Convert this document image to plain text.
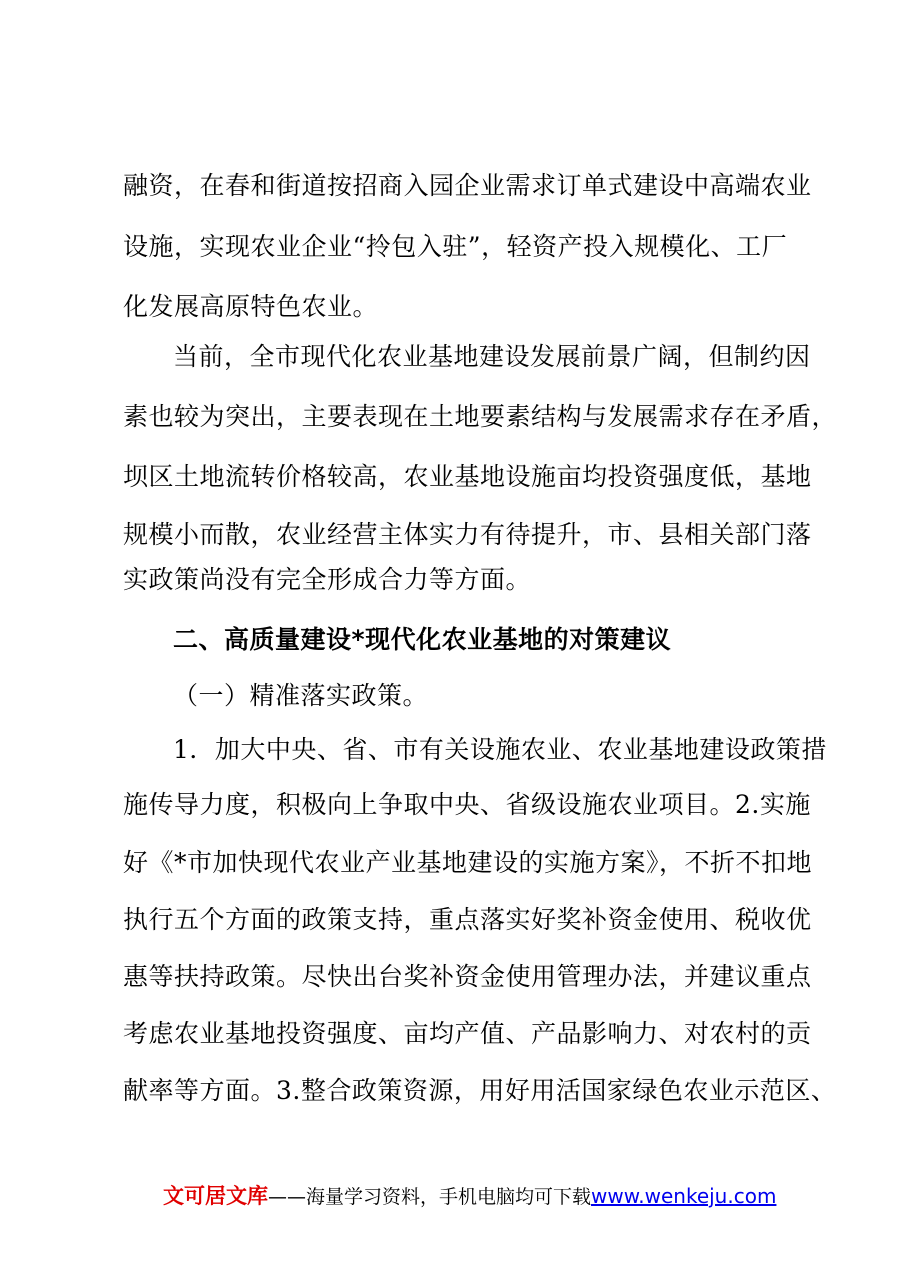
融资，在春和街道按招商入园企业需求订单式建设中高端农业
设施，实现农业企业“拎包入驻”，轻资产投入规模化、工厂
化发展高原特色农业。
当前，全市现代化农业基地建设发展前景广阔，但制约因
素也较为突出，主要表现在土地要素结构与发展需求存在矛盾，
坝区土地流转价格较高，农业基地设施亩均投资强度低，基地
规模小而散，农业经营主体实力有待提升，市、县相关部门落
实政策尚没有完全形成合力等方面。
二、高质量建设*现代化农业基地的对策建议
（一）精准落实政策。
1．加大中央、省、市有关设施农业、农业基地建设政策措
施传导力度，积极向上争取中央、省级设施农业项目。2.实施
好《*市加快现代农业产业基地建设的实施方案》，不折不扣地
执行五个方面的政策支持，重点落实好奖补资金使用、税收优
惠等扶持政策。尽快出台奖补资金使用管理办法，并建议重点
考虑农业基地投资强度、亩均产值、产品影响力、对农村的贡
献率等方面。3.整合政策资源，用好用活国家绿色农业示范区、
文可居文库——海量学习资料，手机电脑均可下载www.wenkeju.com
